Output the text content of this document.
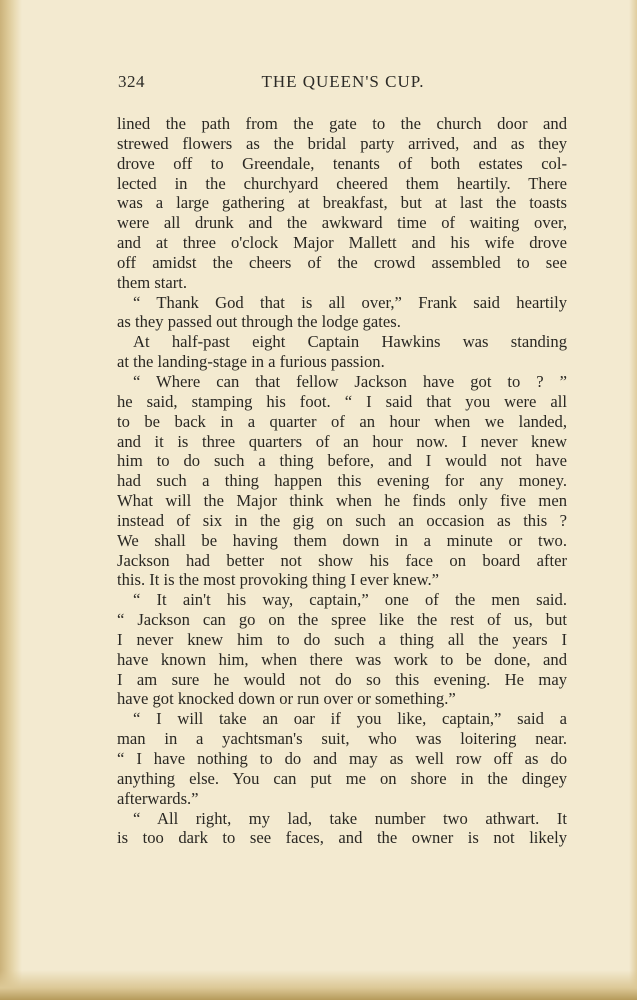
324	THE QUEEN'S CUP.
lined the path from the gate to the church door and
strewed flowers as the bridal party arrived, and as they
drove off to Greendale, tenants of both estates col-
lected in the churchyard cheered them heartily. There
was a large gathering at breakfast, but at last the toasts
were all drunk and the awkward time of waiting over,
and at three o'clock Major Mallett and his wife drove
off amidst the cheers of the crowd assembled to see
them start.
“ Thank God that is all over,” Frank said heartily
as they passed out through the lodge gates.
At half-past eight Captain Hawkins was standing
at the landing-stage in a furious passion.
“ Where can that fellow Jackson have got to ? ”
he said, stamping his foot. “ I said that you were all
to be back in a quarter of an hour when we landed,
and it is three quarters of an hour now. I never knew
him to do such a thing before, and I would not have
had such a thing happen this evening for any money.
What will the Major think when he finds only five men
instead of six in the gig on such an occasion as this ?
We shall be having them down in a minute or two.
Jackson had better not show his face on board after
this. It is the most provoking thing I ever knew.”
“ It ain't his way, captain,” one of the men said.
“ Jackson can go on the spree like the rest of us, but
I never knew him to do such a thing all the years I
have known him, when there was work to be done, and
I am sure he would not do so this evening. He may
have got knocked down or run over or something.”
“ I will take an oar if you like, captain,” said a
man in a yachtsman's suit, who was loitering near.
“ I have nothing to do and may as well row off as do
anything else. You can put me on shore in the dingey
afterwards.”
“ All right, my lad, take number two athwart. It
is too dark to see faces, and the owner is not likely
